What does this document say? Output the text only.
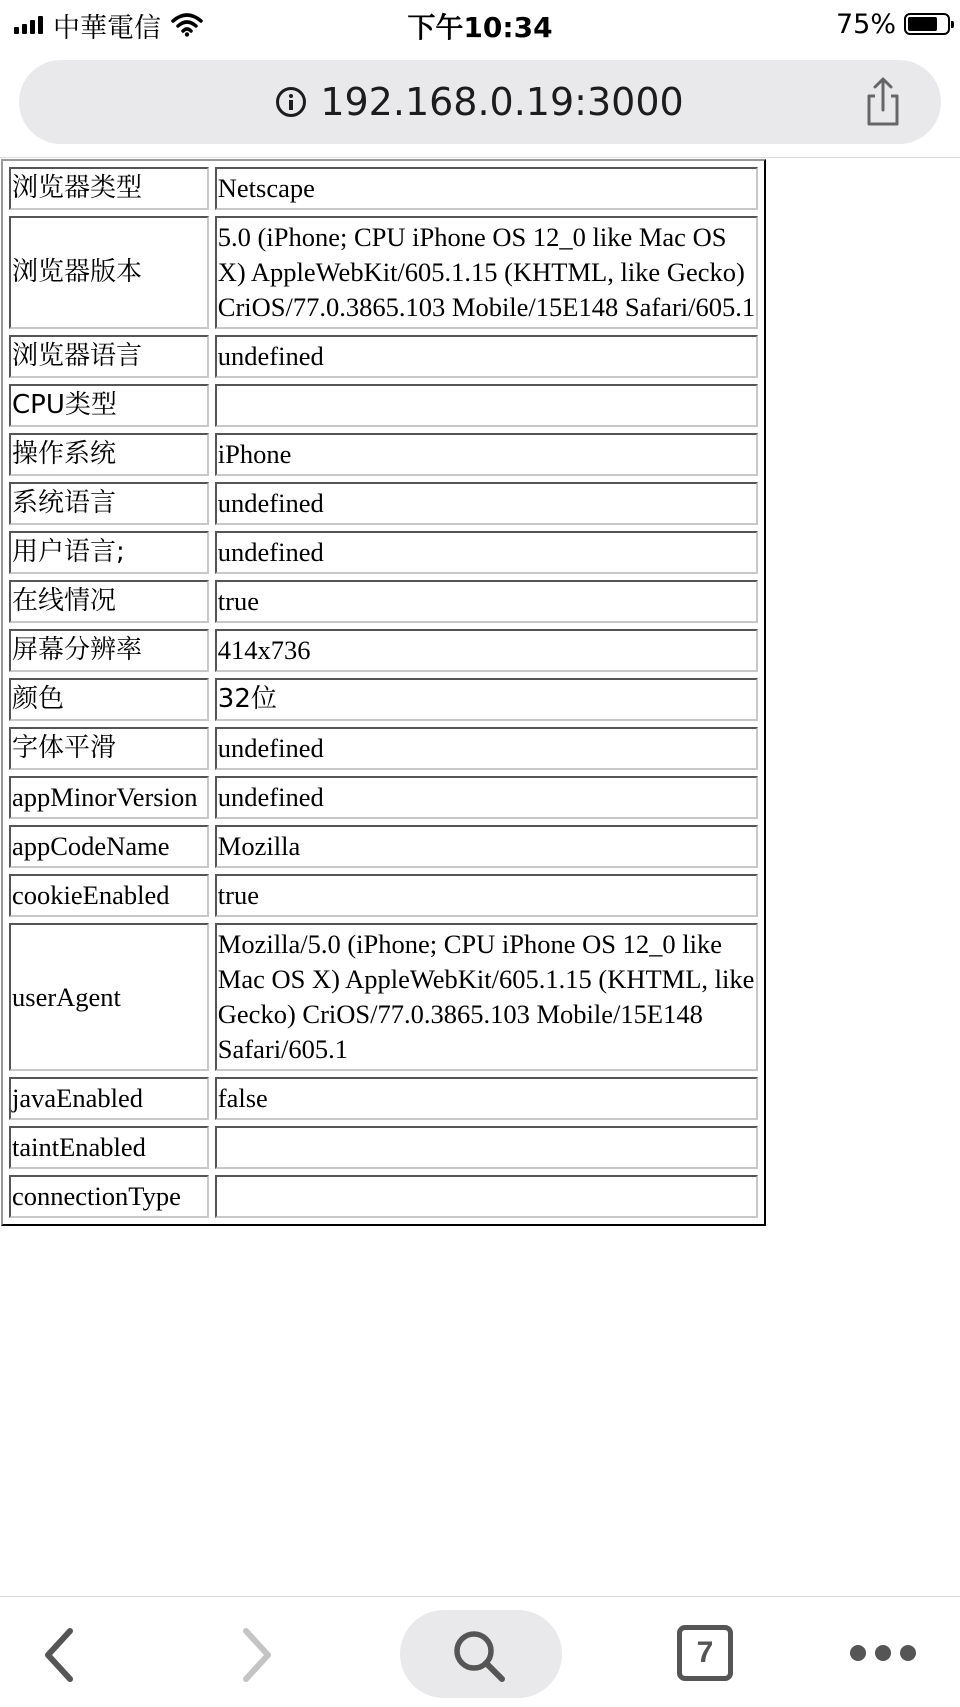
中華電信	下午10:34	75%
192.168.0.19:3000
浏览器类型	Netscape
浏览器版本	5.0 (iPhone; CPU iPhone OS 12_0 like Mac OS X) AppleWebKit/605.1.15 (KHTML, like Gecko) CriOS/77.0.3865.103 Mobile/15E148 Safari/605.1
浏览器语言	undefined
CPU类型	
操作系统	iPhone
系统语言	undefined
用户语言;	undefined
在线情况	true
屏幕分辨率	414x736
颜色	32位
字体平滑	undefined
appMinorVersion	undefined
appCodeName	Mozilla
cookieEnabled	true
userAgent	Mozilla/5.0 (iPhone; CPU iPhone OS 12_0 like Mac OS X) AppleWebKit/605.1.15 (KHTML, like Gecko) CriOS/77.0.3865.103 Mobile/15E148 Safari/605.1
javaEnabled	false
taintEnabled	
connectionType	
7
